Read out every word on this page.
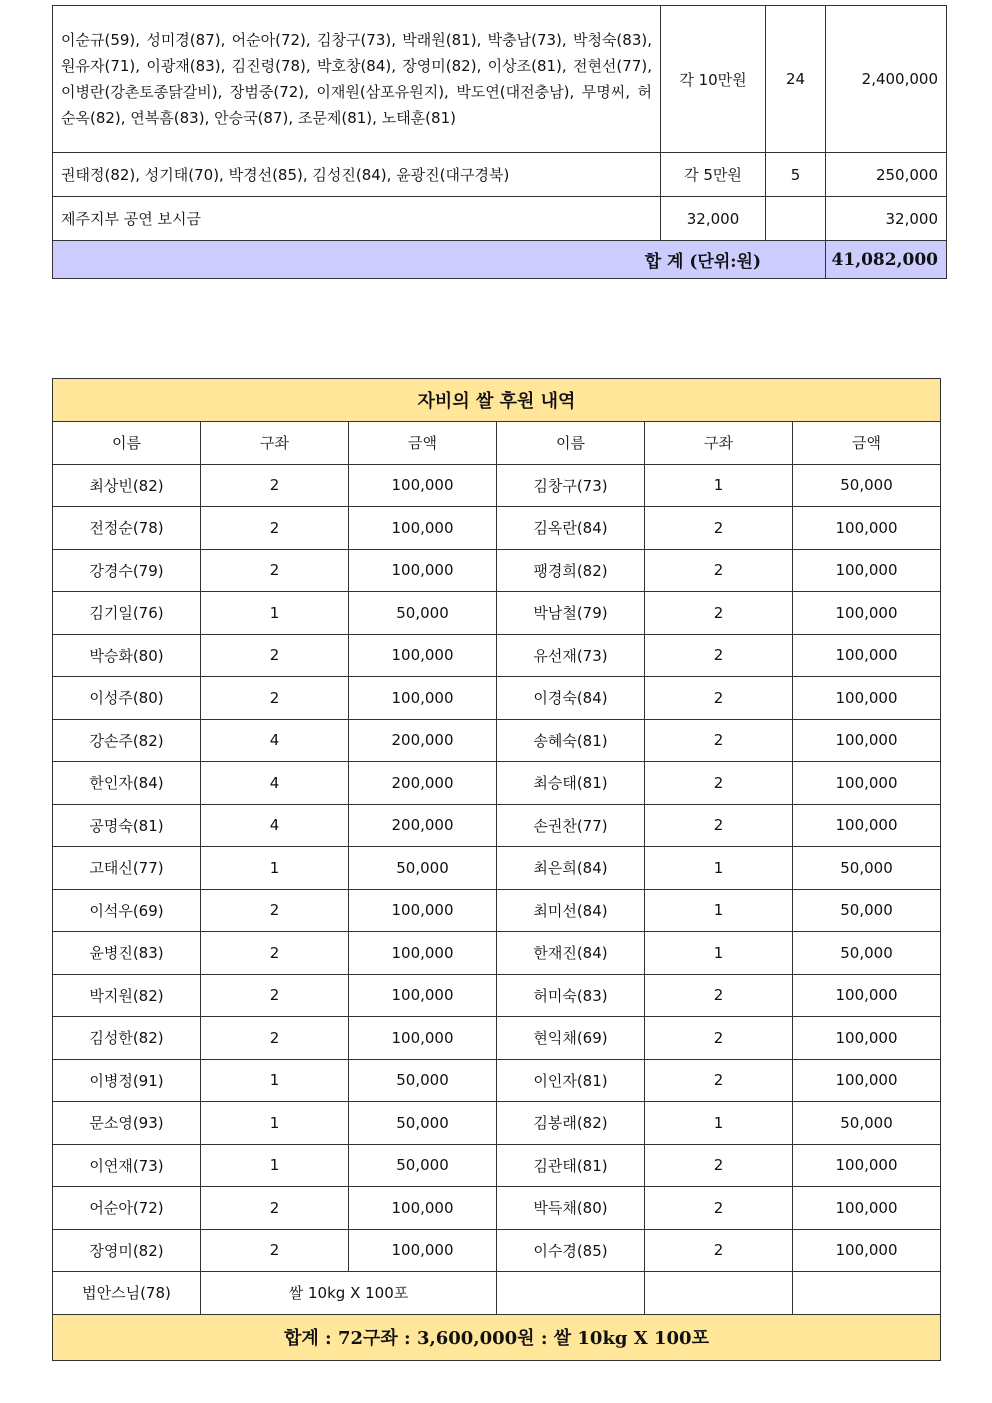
이순규(59), 성미경(87), 어순아(72), 김창구(73), 박래원(81), 박충남(73), 박청숙(83), 원유자(71), 이광재(83), 김진령(78), 박호창(84), 장영미(82), 이상조(81), 전현선(77), 이병란(강촌토종닭갈비), 장범중(72), 이재원(삼포유원지), 박도연(대전충남), 무명씨, 허순옥(82), 연복흠(83), 안승국(87), 조문제(81), 노태훈(81)	각 10만원	24	2,400,000
권태정(82), 성기태(70), 박경선(85), 김성진(84), 윤광진(대구경북)	각 5만원	5	250,000
제주지부 공연 보시금	32,000		32,000
합 계 (단위:원)			41,082,000
자비의 쌀 후원 내역					
이름	구좌	금액	이름	구좌	금액
최상빈(82)	2	100,000	김창구(73)	1	50,000
전정순(78)	2	100,000	김옥란(84)	2	100,000
강경수(79)	2	100,000	팽경희(82)	2	100,000
김기일(76)	1	50,000	박남철(79)	2	100,000
박승화(80)	2	100,000	유선재(73)	2	100,000
이성주(80)	2	100,000	이경숙(84)	2	100,000
강손주(82)	4	200,000	송혜숙(81)	2	100,000
한인자(84)	4	200,000	최승태(81)	2	100,000
공명숙(81)	4	200,000	손권찬(77)	2	100,000
고태신(77)	1	50,000	최은희(84)	1	50,000
이석우(69)	2	100,000	최미선(84)	1	50,000
윤병진(83)	2	100,000	한재진(84)	1	50,000
박지원(82)	2	100,000	허미숙(83)	2	100,000
김성한(82)	2	100,000	현익채(69)	2	100,000
이병정(91)	1	50,000	이인자(81)	2	100,000
문소영(93)	1	50,000	김봉래(82)	1	50,000
이연재(73)	1	50,000	김관태(81)	2	100,000
어순아(72)	2	100,000	박득채(80)	2	100,000
장영미(82)	2	100,000	이수경(85)	2	100,000
법안스님(78)	쌀 10kg X 100포				
합계 : 72구좌 : 3,600,000원 : 쌀 10kg X 100포					
